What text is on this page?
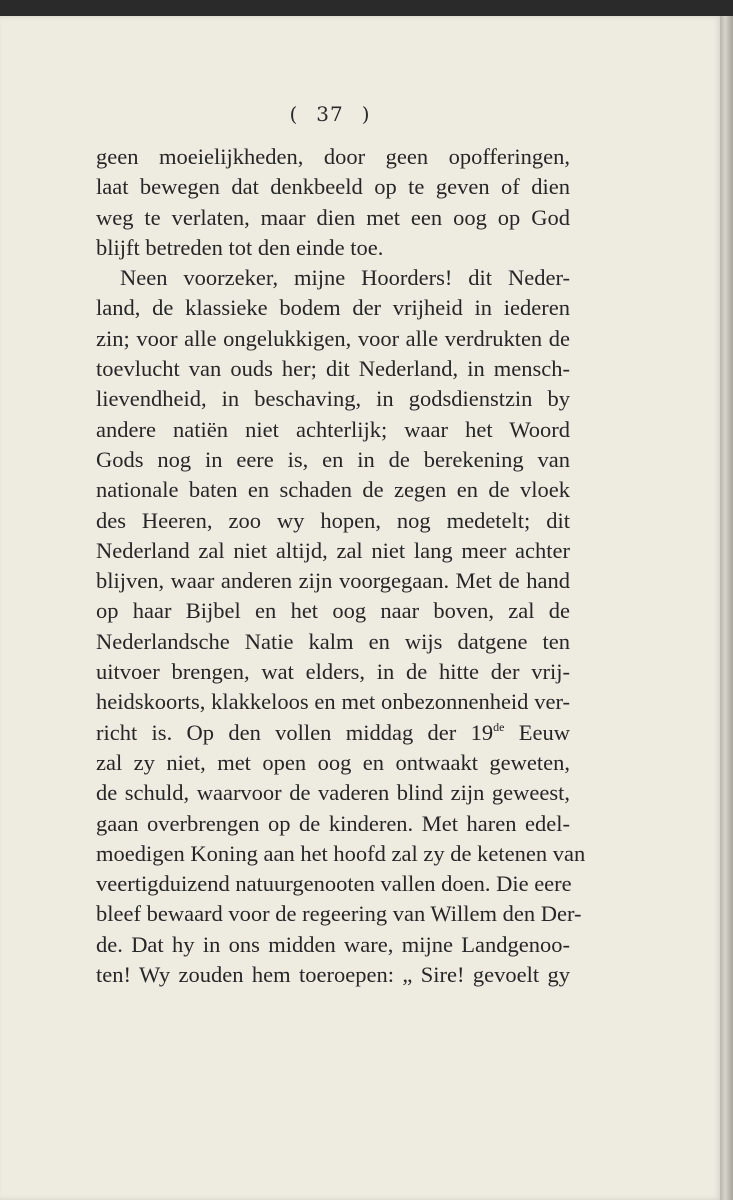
( 37 )
geen moeielijkheden, door geen opofferingen,
laat bewegen dat denkbeeld op te geven of dien
weg te verlaten, maar dien met een oog op God
blijft betreden tot den einde toe.
Neen voorzeker, mijne Hoorders! dit Neder-
land, de klassieke bodem der vrijheid in iederen
zin; voor alle ongelukkigen, voor alle verdrukten de
toevlucht van ouds her; dit Nederland, in mensch-
lievendheid, in beschaving, in godsdienstzin by
andere natiën niet achterlijk; waar het Woord
Gods nog in eere is, en in de berekening van
nationale baten en schaden de zegen en de vloek
des Heeren, zoo wy hopen, nog medetelt; dit
Nederland zal niet altijd, zal niet lang meer achter
blijven, waar anderen zijn voorgegaan. Met de hand
op haar Bijbel en het oog naar boven, zal de
Nederlandsche Natie kalm en wijs datgene ten
uitvoer brengen, wat elders, in de hitte der vrij-
heidskoorts, klakkeloos en met onbezonnenheid ver-
richt is. Op den vollen middag der 19de Eeuw
zal zy niet, met open oog en ontwaakt geweten,
de schuld, waarvoor de vaderen blind zijn geweest,
gaan overbrengen op de kinderen. Met haren edel-
moedigen Koning aan het hoofd zal zy de ketenen van
veertigduizend natuurgenooten vallen doen. Die eere
bleef bewaard voor de regeering van Willem den Der-
de. Dat hy in ons midden ware, mijne Landgenoo-
ten! Wy zouden hem toeroepen: „ Sire! gevoelt gy
